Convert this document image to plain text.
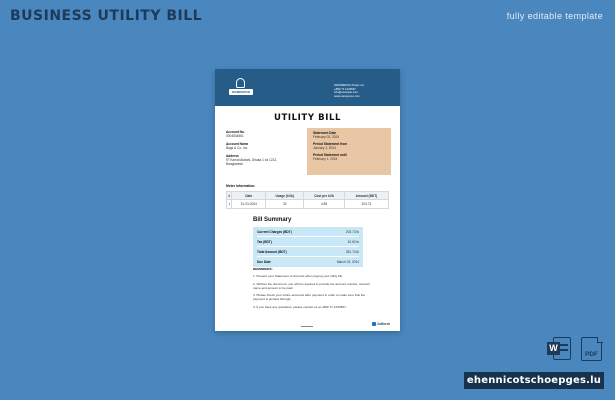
BUSINESS UTILITY BILL	fully editable template
WAMPEROO
WAMPEROO Power Inc.
+880 71 1234567
info@example.com
www.wamperoo.com
UTILITY BILL
Account No.
0004834561
Account Name
Bags & Co. Inc.
Address
97 Kamal Ataturk, Dhaka 1 dz 1213,
Bangladesh
Statement Date
February 03, 2024
Period Statement from
January 1, 2024
Period Statement until
February 1, 2024
Meter Information
#	Date	Usage (kVA)	Cost per kVA	Amount (BDT)
1	31-03-2024	32	4.89	203.73
Bill Summary
Current Charges (BDT)	203.73 tk
Tax (BDT)	10.60 tk
Total Amount (BDT)	351.73 tk
Due Date	March 03, 2024
REMINDERS:
1. Present your Statement of Account when paying your utility bill.
2. Without the document, you will be required to provide the account number, account name and amount to be paid.
3. Please check your online accounts after payment in order to make sure that the payment is pushed through.
4. If you have any questions, please contact us at +880 71 1234567.
Jotform
W
PDF
ehennicotschoepges.lu
